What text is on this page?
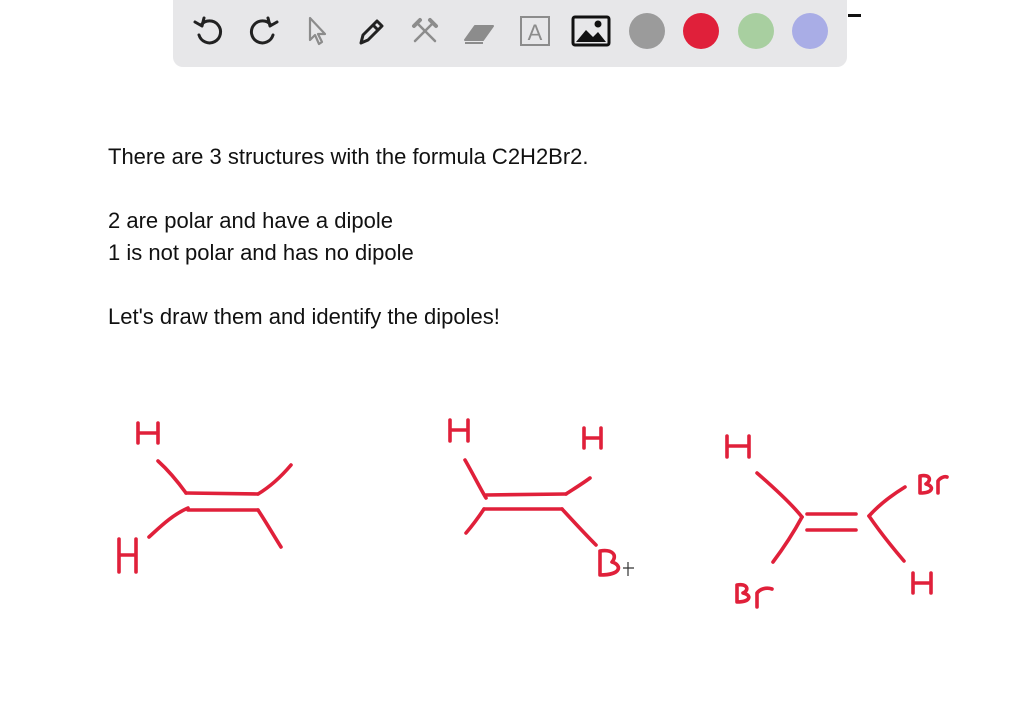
A
There are 3 structures with the formula C2H2Br2.
2 are polar and have a dipole
1 is not polar and has no dipole
Let's draw them and identify the dipoles!
